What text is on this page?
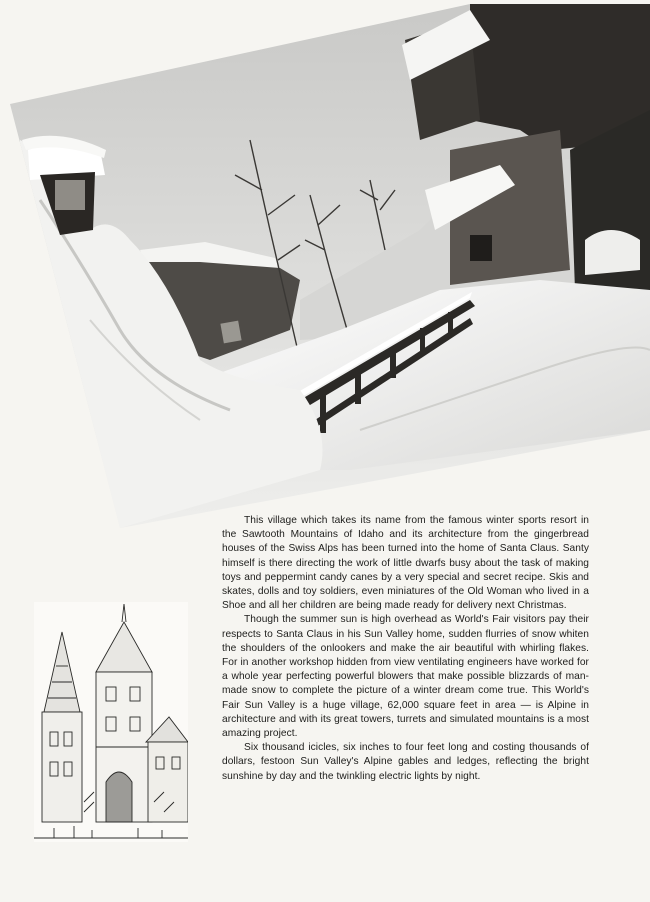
This village which takes its name from the famous winter sports resort in the Sawtooth Mountains of Idaho and its architecture from the gingerbread houses of the Swiss Alps has been turned into the home of Santa Claus. Santy himself is there directing the work of little dwarfs busy about the task of making toys and peppermint candy canes by a very special and secret recipe. Skis and skates, dolls and toy soldiers, even miniatures of the Old Woman who lived in a Shoe and all her children are being made ready for delivery next Christmas.

Though the summer sun is high overhead as World's Fair visitors pay their respects to Santa Claus in his Sun Valley home, sudden flurries of snow whiten the shoulders of the onlookers and make the air beautiful with whirling flakes. For in another workshop hidden from view ventilating engineers have worked for a whole year perfecting powerful blowers that make possible blizzards of man-made snow to complete the picture of a winter dream come true. This World's Fair Sun Valley is a huge village, 62,000 square feet in area — is Alpine in architecture and with its great towers, turrets and simulated mountains is a most amazing project.

Six thousand icicles, six inches to four feet long and costing thousands of dollars, festoon Sun Valley's Alpine gables and ledges, reflecting the bright sunshine by day and the twinkling electric lights by night.
